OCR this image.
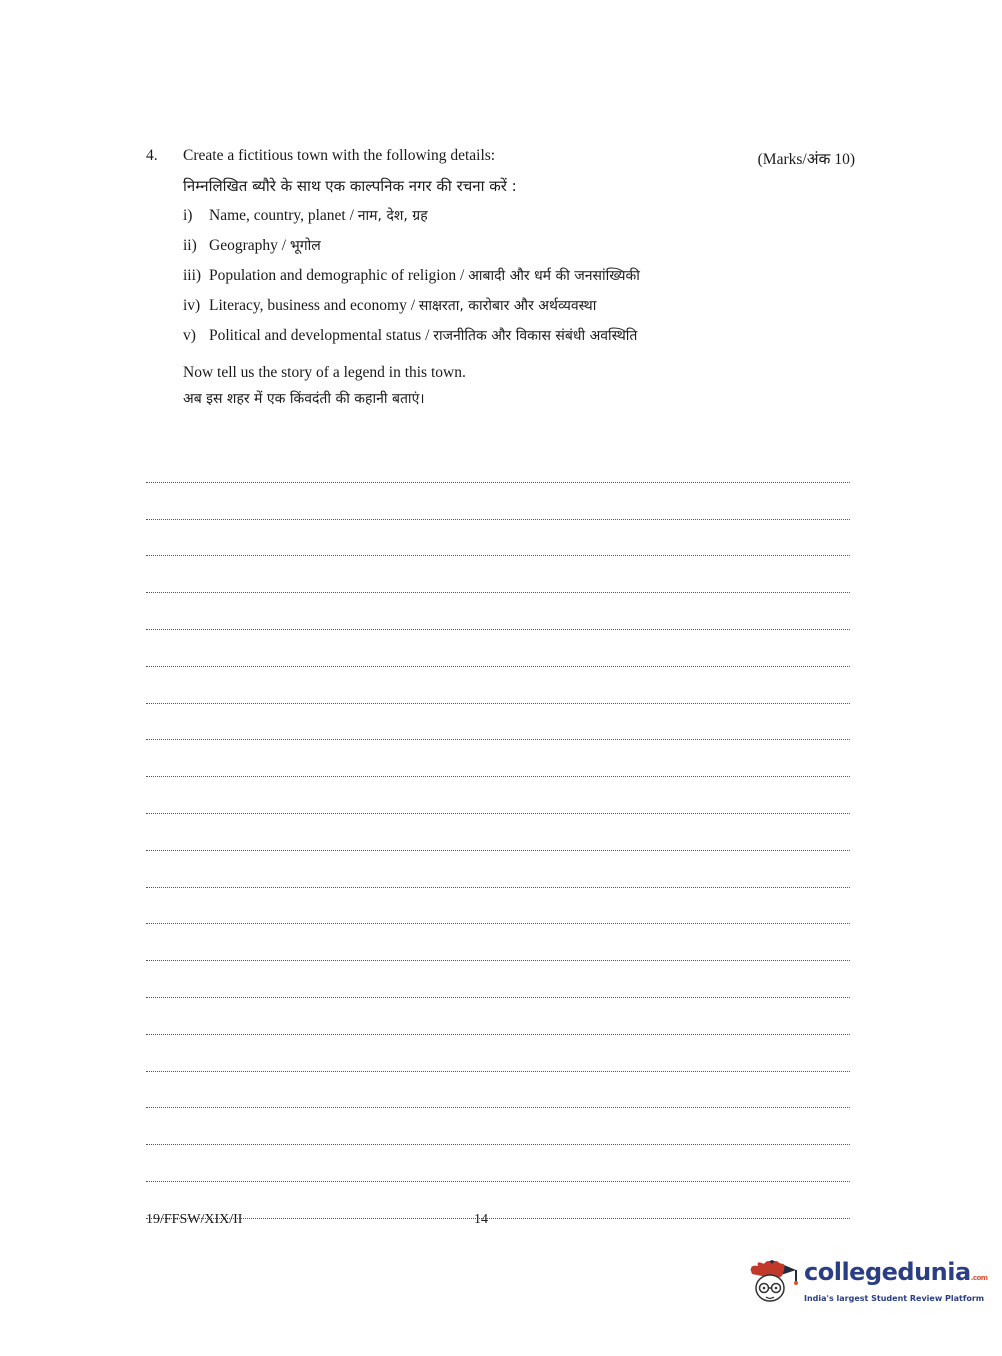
4. Create a fictitious town with the following details:	(Marks/अंक 10)
निम्नलिखित ब्यौरे के साथ एक काल्पनिक नगर की रचना करें :
i) Name, country, planet / नाम, देश, ग्रह
ii) Geography / भूगोल
iii) Population and demographic of religion / आबादी और धर्म की जनसांख्यिकी
iv) Literacy, business and economy / साक्षरता, कारोबार और अर्थव्यवस्था
v) Political and developmental status / राजनीतिक और विकास संबंधी अवस्थिति
Now tell us the story of a legend in this town.
अब इस शहर में एक किंवदंती की कहानी बताएं।
19/FFSW/XIX/II	14
collegedunia.com
India's largest Student Review Platform
